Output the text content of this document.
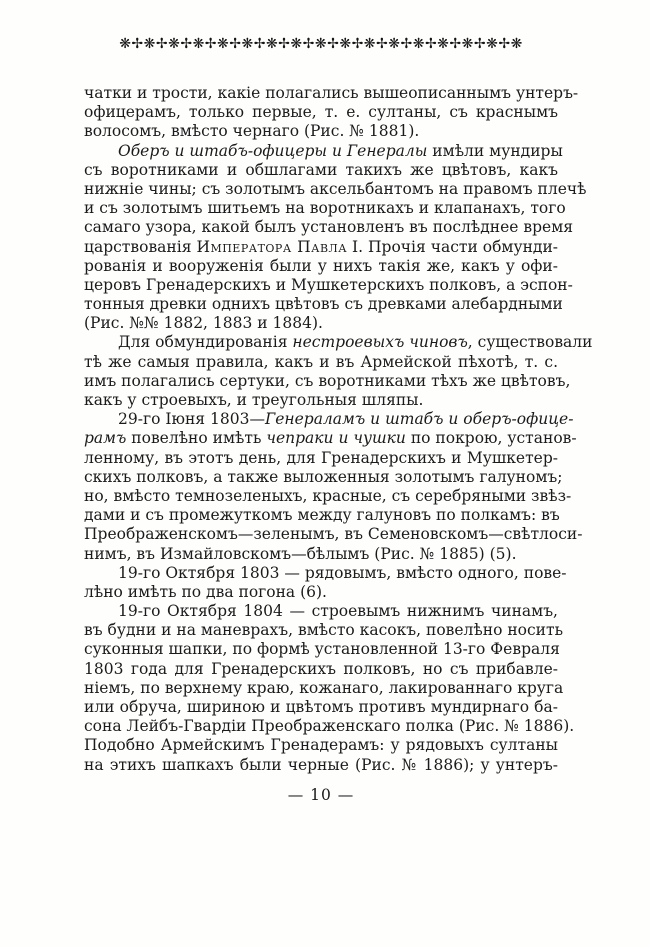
❋✢❋✢❋✢❋✢❋✢❋✢❋✢❋✢❋✢❋✢❋✢❋✢❋✢❋✢❋✢❋✢❋
чатки и трости, какіе полагались вышеописаннымъ унтеръ-
офицерамъ, только первые, т. е. султаны, съ краснымъ
волосомъ, вмѣсто чернаго (Рис. № 1881).
Оберъ и штабъ-офицеры и Генералы имѣли мундиры
съ воротниками и обшлагами такихъ же цвѣтовъ, какъ
нижніе чины; съ золотымъ аксельбантомъ на правомъ плечѣ
и съ золотымъ шитьемъ на воротникахъ и клапанахъ, того
самаго узора, какой былъ установленъ въ послѣднее время
царствованія Императора Павла I. Прочія части обмунди-
рованія и вооруженія были у нихъ такія же, какъ у офи-
церовъ Гренадерскихъ и Мушкетерскихъ полковъ, а эспон-
тонныя древки однихъ цвѣтовъ съ древками алебардными
(Рис. №№ 1882, 1883 и 1884).
Для обмундированія нестроевыхъ чиновъ, существовали
тѣ же самыя правила, какъ и въ Армейской пѣхотѣ, т. с.
имъ полагались сертуки, съ воротниками тѣхъ же цвѣтовъ,
какъ у строевыхъ, и треугольныя шляпы.
29-го Іюня 1803—Генераламъ и штабъ и оберъ-офице-
рамъ повелѣно имѣть чепраки и чушки по покрою, установ-
ленному, въ этотъ день, для Гренадерскихъ и Мушкетер-
скихъ полковъ, а также выложенныя золотымъ галуномъ;
но, вмѣсто темнозеленыхъ, красные, съ серебряными звѣз-
дами и съ промежуткомъ между галуновъ по полкамъ: въ
Преображенскомъ—зеленымъ, въ Семеновскомъ—свѣтлоси-
нимъ, въ Измайловскомъ—бѣлымъ (Рис. № 1885) (5).
19-го Октября 1803 — рядовымъ, вмѣсто одного, пове-
лѣно имѣть по два погона (6).
19-го Октября 1804 — строевымъ нижнимъ чинамъ,
въ будни и на маневрахъ, вмѣсто касокъ, повелѣно носить
суконныя шапки, по формѣ установленной 13-го Февраля
1803 года для Гренадерскихъ полковъ, но съ прибавле-
ніемъ, по верхнему краю, кожанаго, лакированнаго круга
или обруча, шириною и цвѣтомъ противъ мундирнаго ба-
сона Лейбъ-Гвардіи Преображенскаго полка (Рис. № 1886).
Подобно Армейскимъ Гренадерамъ: у рядовыхъ султаны
на этихъ шапкахъ были черные (Рис. № 1886); у унтеръ-
— 10 —
